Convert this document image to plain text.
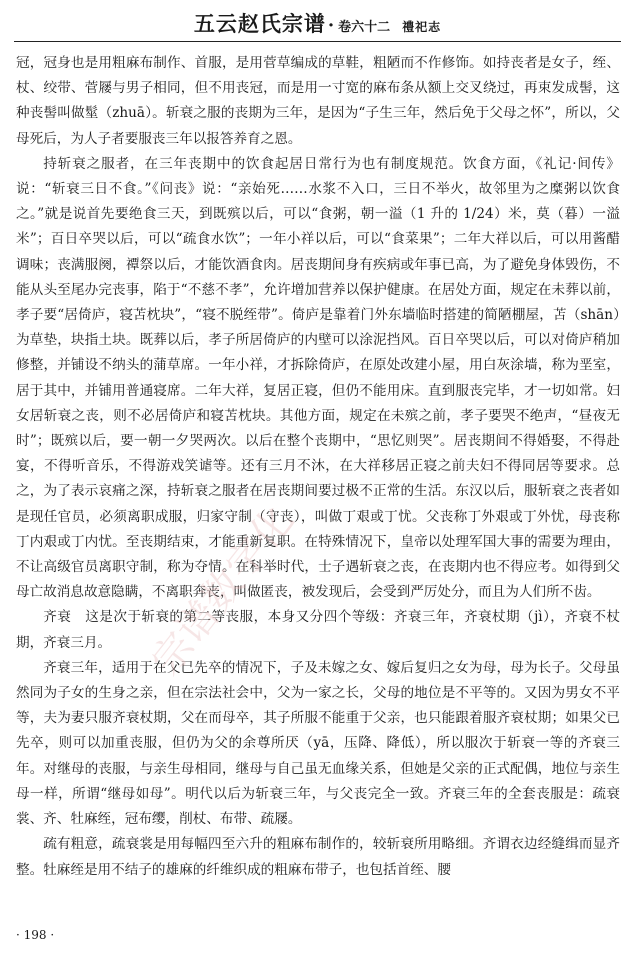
五云赵氏宗谱 · 卷六十二 禮祀志

冠，冠身也是用粗麻布制作、首服，是用菅草编成的草鞋，粗陋而不作修饰。如持丧者是女子，绖、杖、绞带、菅屦与男子相同，但不用丧冠，而是用一寸宽的麻布条从额上交叉绕过，再束发成髻，这种丧髻叫做髽（zhuā）。斩衰之服的丧期为三年，是因为“子生三年，然后免于父母之怀”，所以，父母死后，为人子者要服丧三年以报答养育之恩。

持斩衰之服者，在三年丧期中的饮食起居日常行为也有制度规范。饮食方面，《礼记·间传》说：“斩衰三日不食。”《问丧》说：“亲始死……水浆不入口，三日不举火，故邻里为之糜粥以饮食之。”就是说首先要绝食三天，到既殡以后，可以“食粥，朝一溢（1 升的 1/24）米，莫（暮）一溢米”；百日卒哭以后，可以“疏食水饮”；一年小祥以后，可以“食菜果”；二年大祥以后，可以用酱醋调味；丧满服阕，禫祭以后，才能饮酒食肉。居丧期间身有疾病或年事已高，为了避免身体毁伤，不能从头至尾办完丧事，陷于“不慈不孝”，允许增加营养以保护健康。在居处方面，规定在未葬以前，孝子要“居倚庐，寝苫枕块”，“寝不脱绖带”。倚庐是靠着门外东墙临时搭建的简陋棚屋，苫（shān）为草垫，块指土块。既葬以后，孝子所居倚庐的内壁可以涂泥挡风。百日卒哭以后，可以对倚庐稍加修整，并铺设不纳头的蒲草席。一年小祥，才拆除倚庐，在原处改建小屋，用白灰涂墙，称为垩室，居于其中，并铺用普通寝席。二年大祥，复居正寝，但仍不能用床。直到服丧完毕，才一切如常。妇女居斩衰之丧，则不必居倚庐和寝苫枕块。其他方面，规定在未殡之前，孝子要哭不绝声，“昼夜无时”；既殡以后，要一朝一夕哭两次。以后在整个丧期中，“思忆则哭”。居丧期间不得婚娶，不得赴宴，不得听音乐，不得游戏笑谑等。还有三月不沐，在大祥移居正寝之前夫妇不得同居等要求。总之，为了表示哀痛之深，持斩衰之服者在居丧期间要过极不正常的生活。东汉以后，服斩衰之丧者如是现任官员，必须离职成服，归家守制（守丧），叫做丁艰或丁忧。父丧称丁外艰或丁外忧，母丧称丁内艰或丁内忧。至丧期结束，才能重新复职。在特殊情况下，皇帝以处理军国大事的需要为理由，不让高级官员离职守制，称为夺情。在科举时代，士子遇斩衰之丧，在丧期内也不得应考。如得到父母亡故消息故意隐瞒，不离职奔丧，叫做匿丧，被发现后，会受到严厉处分，而且为人们所不齿。

齐衰　这是次于斩衰的第二等丧服，本身又分四个等级：齐衰三年，齐衰杖期（jì），齐衰不杖期，齐衰三月。

齐衰三年，适用于在父已先卒的情况下，子及未嫁之女、嫁后复归之女为母，母为长子。父母虽然同为子女的生身之亲，但在宗法社会中，父为一家之长，父母的地位是不平等的。又因为男女不平等，夫为妻只服齐衰杖期，父在而母卒，其子所服不能重于父亲，也只能跟着服齐衰杖期；如果父已先卒，则可以加重丧服，但仍为父的余尊所厌（yā，压降、降低），所以服次于斩衰一等的齐衰三年。对继母的丧服，与亲生母相同，继母与自己虽无血缘关系，但她是父亲的正式配偶，地位与亲生母一样，所谓“继母如母”。明代以后为斩衰三年，与父丧完全一致。齐衰三年的全套丧服是：疏衰裳、齐、牡麻绖，冠布缨，削杖、布带、疏屦。

疏有粗意，疏衰裳是用每幅四至六升的粗麻布制作的，较斩衰所用略细。齐谓衣边经缝缉而显齐整。牡麻绖是用不结子的雄麻的纤维织成的粗麻布带子，也包括首绖、腰

宗谱数字化
· 198 ·
